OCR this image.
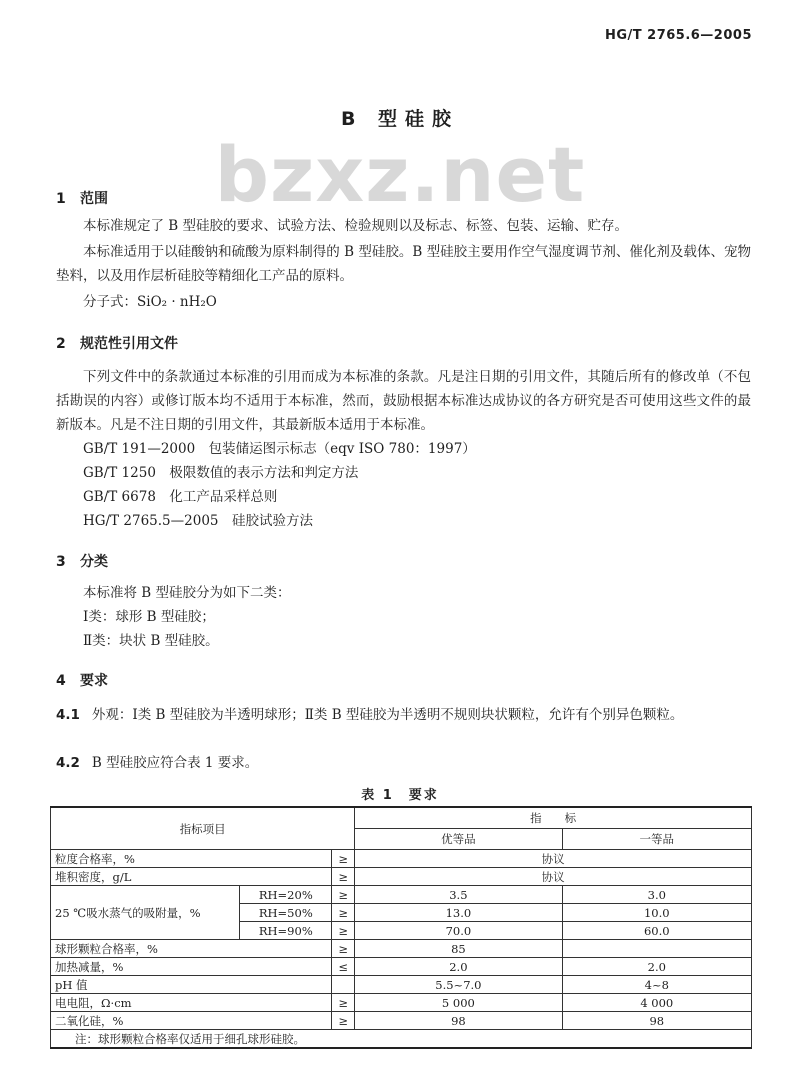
HG/T 2765.6—2005
bzxz.net
B 型硅胶
1 范围
本标准规定了 B 型硅胶的要求、试验方法、检验规则以及标志、标签、包装、运输、贮存。
本标准适用于以硅酸钠和硫酸为原料制得的 B 型硅胶。B 型硅胶主要用作空气湿度调节剂、催化剂及载体、宠物垫料，以及用作层析硅胶等精细化工产品的原料。
分子式：SiO₂ · nH₂O
2 规范性引用文件
下列文件中的条款通过本标准的引用而成为本标准的条款。凡是注日期的引用文件，其随后所有的修改单（不包括勘误的内容）或修订版本均不适用于本标准，然而，鼓励根据本标准达成协议的各方研究是否可使用这些文件的最新版本。凡是不注日期的引用文件，其最新版本适用于本标准。
GB/T 191—2000　包装储运图示标志（eqv ISO 780：1997）
GB/T 1250　极限数值的表示方法和判定方法
GB/T 6678　化工产品采样总则
HG/T 2765.5—2005　硅胶试验方法
3 分类
本标准将 B 型硅胶分为如下二类：
Ⅰ类：球形 B 型硅胶；
Ⅱ类：块状 B 型硅胶。
4 要求
4.1 外观：Ⅰ类 B 型硅胶为半透明球形；Ⅱ类 B 型硅胶为半透明不规则块状颗粒，允许有个别异色颗粒。
4.2 B 型硅胶应符合表 1 要求。
表 1　要求
指标项目			指　　标	
			优等品	一等品
粒度合格率，%		≥	协议	
堆积密度，g/L		≥	协议	
25 ℃吸水蒸气的吸附量，%	RH=20%	≥	3.5	3.0
	RH=50%	≥	13.0	10.0
	RH=90%	≥	70.0	60.0
球形颗粒合格率，%		≥	85	
加热减量，%		≤	2.0	2.0
pH 值			5.5~7.0	4~8
电电阻，Ω·cm		≥	5 000	4 000
二氧化硅，%		≥	98	98
注：球形颗粒合格率仅适用于细孔球形硅胶。				
